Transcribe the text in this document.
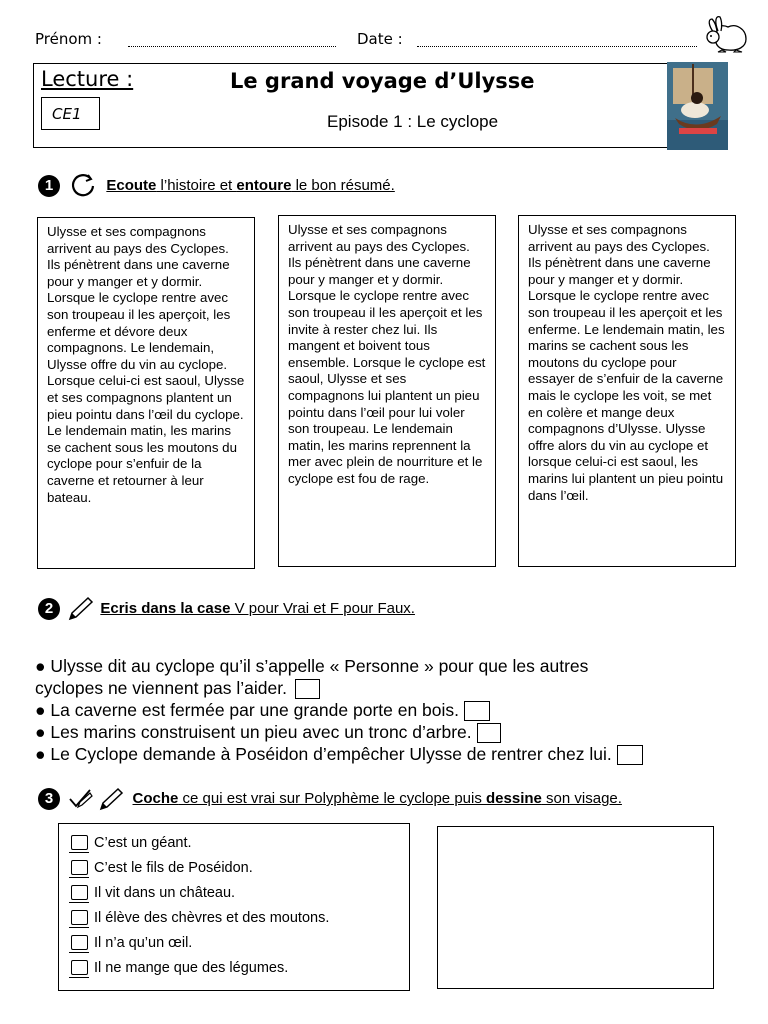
Prénom :	Date :
Lecture :
CE1
Le grand voyage d’Ulysse
Episode 1 : Le cyclope
1	Ecoute l’histoire et entoure le bon résumé.
Ulysse et ses compagnons arrivent au pays des Cyclopes. Ils pénètrent dans une caverne pour y manger et y dormir. Lorsque le cyclope rentre avec son troupeau il les aperçoit, les enferme et dévore deux compagnons. Le lendemain, Ulysse offre du vin au cyclope. Lorsque celui-ci est saoul, Ulysse et ses compagnons plantent un pieu pointu dans l’œil du cyclope.
Le lendemain matin, les marins se cachent sous les moutons du cyclope pour s’enfuir de la caverne et retourner à leur bateau.
Ulysse et ses compagnons arrivent au pays des Cyclopes. Ils pénètrent dans une caverne pour y manger et y dormir. Lorsque le cyclope rentre avec son troupeau il les aperçoit et les invite à rester chez lui. Ils mangent et boivent tous ensemble. Lorsque le cyclope est saoul, Ulysse et ses compagnons lui plantent un pieu pointu dans l’œil pour lui voler son troupeau. Le lendemain matin, les marins reprennent la mer avec plein de nourriture et le cyclope est fou de rage.
Ulysse et ses compagnons arrivent au pays des Cyclopes. Ils pénètrent dans une caverne pour y manger et y dormir. Lorsque le cyclope rentre avec son troupeau il les aperçoit et les enferme. Le lendemain matin, les marins se cachent sous les moutons du cyclope pour essayer de s’enfuir de la caverne mais le cyclope les voit, se met en colère et mange deux compagnons d’Ulysse. Ulysse offre alors du vin au cyclope et lorsque celui-ci est saoul, les marins lui plantent un pieu pointu dans l’œil.
2	Ecris dans la case V pour Vrai et F pour Faux.
● Ulysse dit au cyclope qu’il s’appelle « Personne » pour que les autres
cyclopes ne viennent pas l’aider.
● La caverne est fermée par une grande porte en bois.
● Les marins construisent un pieu avec un tronc d’arbre.
● Le Cyclope demande à Poséidon d’empêcher Ulysse de rentrer chez lui.
3	Coche ce qui est vrai sur Polyphème le cyclope puis dessine son visage.
C’est un géant.
C’est le fils de Poséidon.
Il vit dans un château.
Il élève des chèvres et des moutons.
Il n’a qu’un œil.
Il ne mange que des légumes.
